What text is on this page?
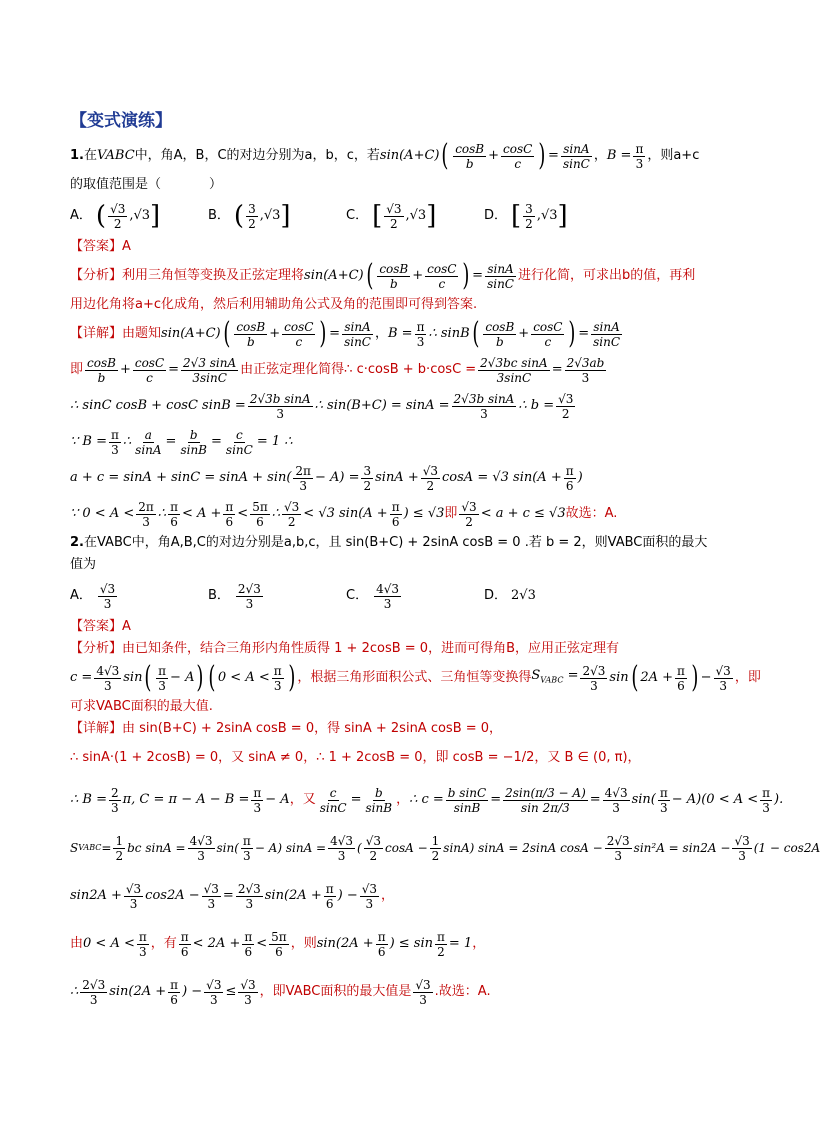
【变式演练】
1. 在 VABC 中，角A，B，C的对边分别为a，b，c，若 sin(A+C) ( $\frac{\cos B}{b} + \frac{\cos C}{c}$ ) = $\frac{\sin A}{\sin C}$ ， $B = \frac{\pi}{3}$ ，则a+c
的取值范围是（	）
A． ( $\frac{√3}{2} ,√3$ ]	B． ( $\frac{3}{2} ,√3$ ]	C． [ $\frac{√3}{2} ,√3$ ]	D． [ $\frac{3}{2} ,√3$ ]
【答案】 A
【分析】 利用三角恒等变换及正弦定理将 sin(A+C) ( $\frac{\cos B}{b} + \frac{\cos C}{c}$ ) = $\frac{\sin A}{\sin C}$ 进行化简，可求出b的值，再利
用边化角将a+c化成角，然后利用辅助角公式及角的范围即可得到答案.
【详解】 由题知 sin(A+C) ( $\frac{\cos B}{b} + \frac{\cos C}{c}$ ) = $\frac{\sin A}{\sin C}$ ， $B = \frac{\pi}{3}$ ∴ sinB ( $\frac{\cos B}{b} + \frac{\cos C}{c}$ ) = $\frac{\sin A}{\sin C}$
即 $\frac{\cos B}{b} + \frac{\cos C}{c} = \frac{2√3 \sin A}{3\sin C}$ 由正弦定理化简得∴ $c\cdot\cos B + b\cdot\cos C = \frac{\text{2√3bc sinA}}{3\sin C} = \frac{2√3ab}{3}$
∴ sinC cosB + cosC $\sin B = \frac{\text{2√3b sinA}}{3}$ ∴ $\sin(B+C) = \sin A = \frac{\text{2√3b sinA}}{3}$ ∴ $b = \frac{√3}{2}$
∵ $B = \frac{\pi}{3}$ ∴ $\frac{a}{\sin A} = \frac{b}{\sin B} = \frac{c}{\sin C} = 1$ ∴
$a + c = \sin A + \sin C = \sin A + \sin( \frac{2\pi}{3} - A) = \frac{3}{2}$ $\sin A + \frac{√3}{2}$ cosA = √3 $\sin(A + \frac{\pi}{6}$ )
∵ $0 < A < \frac{2\pi}{3}$ ∴ $\frac{\pi}{6} < A + \frac{\pi}{6} < \frac{5\pi}{6}$ ∴ $\frac{√3}{2} < √3$ $\sin(A + \frac{\pi}{6}$ ) ≤ √3 即 $\frac{√3}{2} < a + c \le √3$ 故选：A.
2. 在VABC中，角A,B,C的对边分别是a,b,c，且 sin(B+C) + 2sinA cosB = 0 .若 b = 2，则VABC面积的最大
值为
A． $\frac{√3}{3}$	B． $\frac{2√3}{3}$	C． $\frac{4√3}{3}$	D． 2√3
【答案】 A
【分析】 由已知条件，结合三角形内角性质得 1 + 2cosB = 0，进而可得角B，应用正弦定理有
$c = \frac{4√3}{3}$ sin ( $\frac{\pi}{3} - A$ ) ( $0 < A < \frac{\pi}{3}$ ) ，根据三角形面积公式、三角恒等变换得 $S_{VABC} = \frac{2√3}{3}$ sin ( $2A + \frac{\pi}{6}$ ) − $\frac{√3}{3}$ ，即
可求VABC面积的最大值.
【详解】 由 sin(B+C) + 2sinA cosB = 0，得 sinA + 2sinA cosB = 0，
∴ sinA·(1 + 2cosB) = 0，又 sinA ≠ 0，∴ 1 + 2cosB = 0，即 cosB = −1/2，又 B ∈ (0, π)，
∴ $B = \frac{2}{3} \pi$, $C = \pi - A - B = \frac{\pi}{3} - A$ ，又 $\frac{c}{\sin C} = \frac{b}{\sin B}$ ， ∴ $c = \frac{\text{b sinC}}{\sin B} = \frac{2\sin(\pi/3 - A)}{\sin 2\pi/3} = \frac{4√3}{3} \sin( \frac{\pi}{3} - A)(0 < A < \frac{\pi}{3}$ ).
S VABC = $\frac{1}{2}$ bc $\sin A = \frac{4√3}{3} \sin( \frac{\pi}{3} - A) \sin A = \frac{4√3}{3}$ ( $\frac{√3}{2}$ $\cos A - \frac{1}{2} \sin A$) sinA = 2sinA $\cos A - \frac{2√3}{3} \sin^2A = \sin 2A - \frac{√3}{3} (1 - \cos 2A$
$\sin 2A + \frac{√3}{3} \cos 2A - \frac{√3}{3} = \frac{2√3}{3} \sin(2A + \frac{\pi}{6}$ ) − $\frac{√3}{3}$ ，
由 $0 < A < \frac{\pi}{3}$ ，有 $\frac{\pi}{6} < 2A + \frac{\pi}{6} < \frac{5\pi}{6}$ ，则 $\sin(2A + \frac{\pi}{6}$ ) ≤ $\sin \frac{\pi}{2} = 1$ ，
∴ $\frac{2√3}{3} \sin(2A + \frac{\pi}{6}$ ) − $\frac{√3}{3} \le \frac{√3}{3}$ ，即VABC面积的最大值是 $\frac{√3}{3}$ . 故选：A.
